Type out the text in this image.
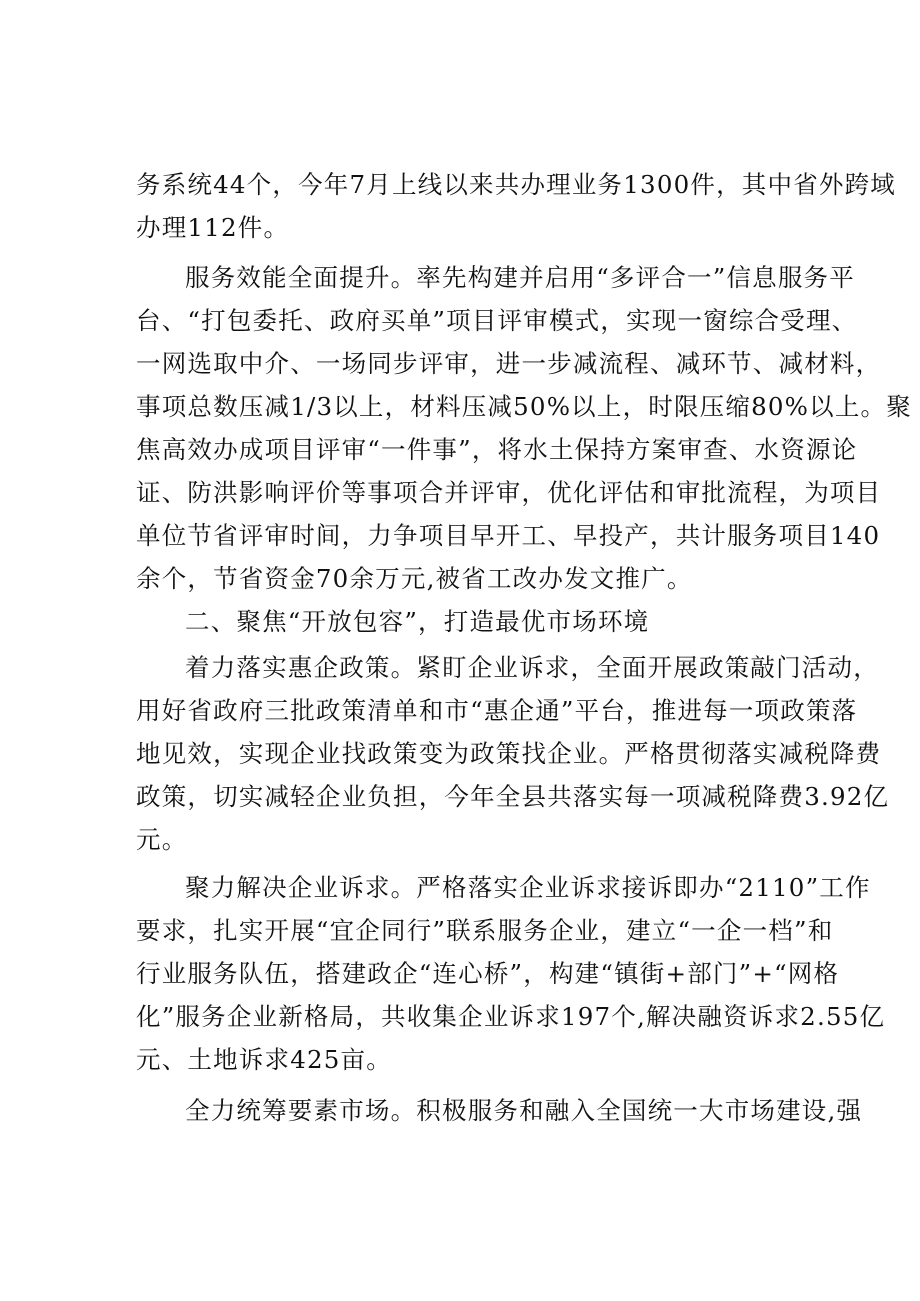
务系统44个，今年7月上线以来共办理业务1300件，其中省外跨域
办理112件。
服务效能全面提升。率先构建并启用“多评合一”信息服务平
台、“打包委托、政府买单”项目评审模式，实现一窗综合受理、
一网选取中介、一场同步评审，进一步减流程、减环节、减材料，
事项总数压减1/3以上，材料压减50%以上，时限压缩80%以上。聚
焦高效办成项目评审“一件事”，将水土保持方案审查、水资源论
证、防洪影响评价等事项合并评审，优化评估和审批流程，为项目
单位节省评审时间，力争项目早开工、早投产，共计服务项目140
余个，节省资金70余万元,被省工改办发文推广。
二、聚焦“开放包容”，打造最优市场环境
着力落实惠企政策。紧盯企业诉求，全面开展政策敲门活动，
用好省政府三批政策清单和市“惠企通”平台，推进每一项政策落
地见效，实现企业找政策变为政策找企业。严格贯彻落实减税降费
政策，切实减轻企业负担，今年全县共落实每一项减税降费3.92亿
元。
聚力解决企业诉求。严格落实企业诉求接诉即办“2110”工作
要求，扎实开展“宜企同行”联系服务企业，建立“一企一档”和
行业服务队伍，搭建政企“连心桥”，构建“镇街+部门”+“网格
化”服务企业新格局，共收集企业诉求197个,解决融资诉求2.55亿
元、土地诉求425亩。
全力统筹要素市场。积极服务和融入全国统一大市场建设,强
